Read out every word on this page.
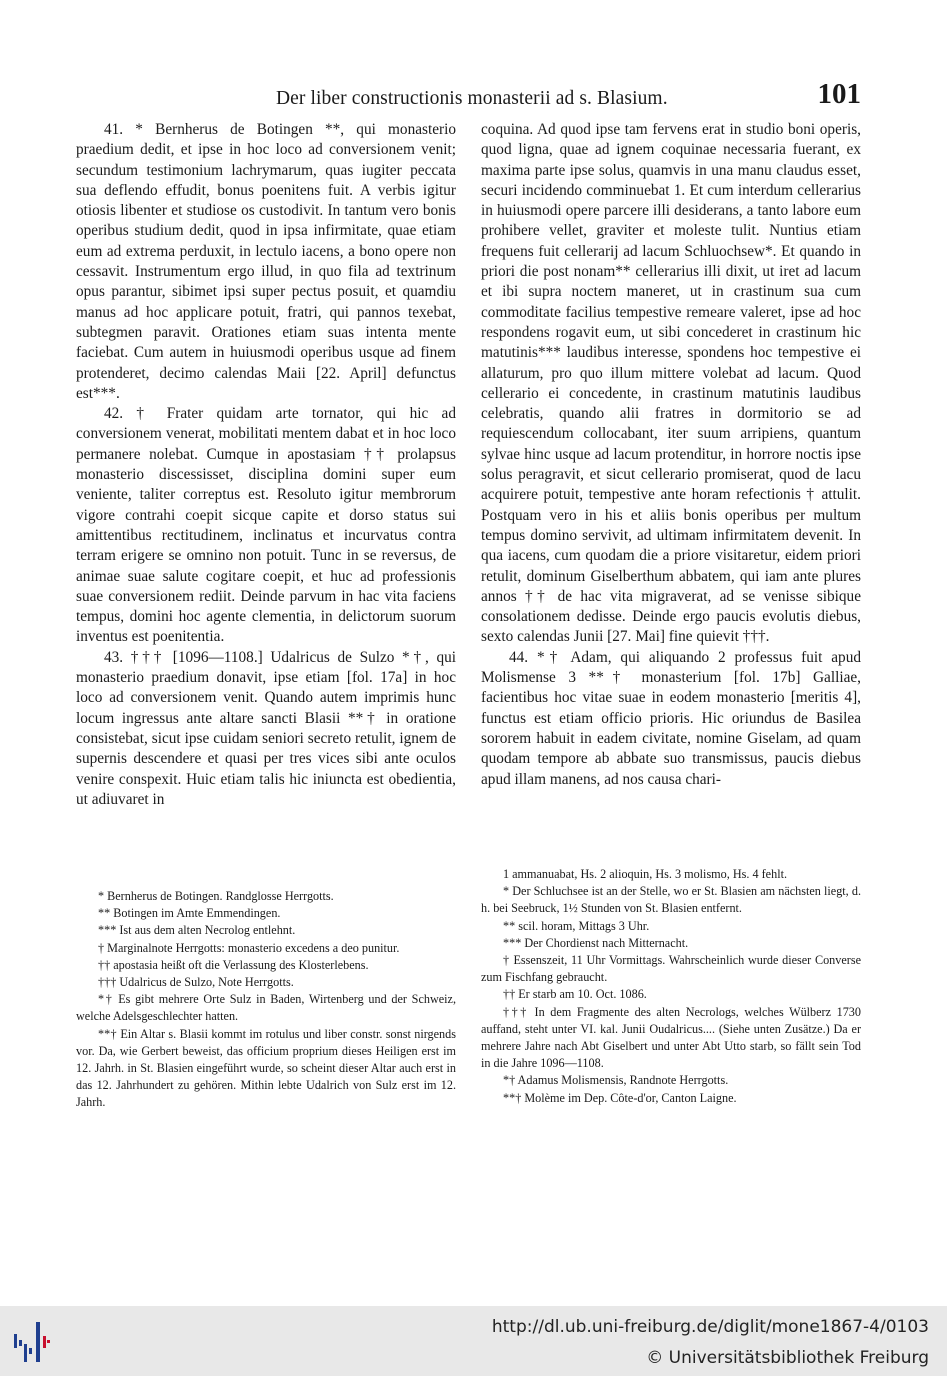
Der liber constructionis monasterii ad s. Blasium.	101

41. * Bernherus de Botingen **, qui monasterio praedium dedit, et ipse in hoc loco ad conversionem venit; secundum testimonium lachrymarum, quas iugiter peccata sua deflendo effudit, bonus poenitens fuit. A verbis igitur otiosis libenter et studiose os custodivit. In tantum vero bonis operibus studium dedit, quod in ipsa infirmitate, quae etiam eum ad extrema perduxit, in lectulo iacens, a bono opere non cessavit. Instrumentum ergo illud, in quo fila ad textrinum opus parantur, sibimet ipsi super pectus posuit, et quamdiu manus ad hoc applicare potuit, fratri, qui pannos texebat, subtegmen paravit. Orationes etiam suas intenta mente faciebat. Cum autem in huiusmodi operibus usque ad finem protenderet, decimo calendas Maii [22. April] defunctus est***.

42. † Frater quidam arte tornator, qui hic ad conversionem venerat, mobilitati mentem dabat et in hoc loco permanere nolebat. Cumque in apostasiam †† prolapsus monasterio discessisset, disciplina domini super eum veniente, taliter correptus est. Resoluto igitur membrorum vigore contrahi coepit sicque capite et dorso status sui amittentibus rectitudinem, inclinatus et incurvatus contra terram erigere se omnino non potuit. Tunc in se reversus, de animae suae salute cogitare coepit, et huc ad professionis suae conversionem rediit. Deinde parvum in hac vita faciens tempus, domini hoc agente clementia, in delictorum suorum inventus est poenitentia.

43. ††† [1096—1108.] Udalricus de Sulzo *†, qui monasterio praedium donavit, ipse etiam [fol. 17a] in hoc loco ad conversionem venit. Quando autem imprimis hunc locum ingressus ante altare sancti Blasii **† in oratione consistebat, sicut ipse cuidam seniori secreto retulit, ignem de supernis descendere et quasi per tres vices sibi ante oculos venire conspexit. Huic etiam talis hic iniuncta est obedientia, ut adiuvaret in

coquina. Ad quod ipse tam fervens erat in studio boni operis, quod ligna, quae ad ignem coquinae necessaria fuerant, ex maxima parte ipse solus, quamvis in una manu claudus esset, securi incidendo comminuebat 1. Et cum interdum cellerarius in huiusmodi opere parcere illi desiderans, a tanto labore eum prohibere vellet, graviter et moleste tulit. Nuntius etiam frequens fuit cellerarij ad lacum Schluochsew*. Et quando in priori die post nonam** cellerarius illi dixit, ut iret ad lacum et ibi supra noctem maneret, ut in crastinum sua cum commoditate facilius tempestive remeare valeret, ipse ad hoc respondens rogavit eum, ut sibi concederet in crastinum hic matutinis*** laudibus interesse, spondens hoc tempestive ei allaturum, pro quo illum mittere volebat ad lacum. Quod cellerario ei concedente, in crastinum matutinis laudibus celebratis, quando alii fratres in dormitorio se ad requiescendum collocabant, iter suum arripiens, quantum sylvae hinc usque ad lacum protenditur, in horrore noctis ipse solus peragravit, et sicut cellerario promiserat, quod de lacu acquirere potuit, tempestive ante horam refectionis † attulit. Postquam vero in his et aliis bonis operibus per multum tempus domino servivit, ad ultimam infirmitatem devenit. In qua iacens, cum quodam die a priore visitaretur, eidem priori retulit, dominum Giselberthum abbatem, qui iam ante plures annos †† de hac vita migraverat, ad se venisse sibique consolationem dedisse. Deinde ergo paucis evolutis diebus, sexto calendas Junii [27. Mai] fine quievit †††.

44. *† Adam, qui aliquando 2 professus fuit apud Molismense 3 **† monasterium [fol. 17b] Galliae, facientibus hoc vitae suae in eodem monasterio [meritis 4], functus est etiam officio prioris. Hic oriundus de Basilea sororem habuit in eadem civitate, nomine Giselam, ad quam quodam tempore ab abbate suo transmissus, paucis diebus apud illam manens, ad nos causa chari-

* Bernherus de Botingen. Randglosse Herrgotts.

** Botingen im Amte Emmendingen.

*** Ist aus dem alten Necrolog entlehnt.

† Marginalnote Herrgotts: monasterio excedens a deo punitur.

†† apostasia heißt oft die Verlassung des Klosterlebens.

††† Udalricus de Sulzo, Note Herrgotts.

*† Es gibt mehrere Orte Sulz in Baden, Wirtenberg und der Schweiz, welche Adelsgeschlechter hatten.

**† Ein Altar s. Blasii kommt im rotulus und liber constr. sonst nirgends vor. Da, wie Gerbert beweist, das officium proprium dieses Heiligen erst im 12. Jahrh. in St. Blasien eingeführt wurde, so scheint dieser Altar auch erst in das 12. Jahrhundert zu gehören. Mithin lebte Udalrich von Sulz erst im 12. Jahrh.

1 ammanuabat, Hs. 2 alioquin, Hs. 3 molismo, Hs. 4 fehlt.

* Der Schluchsee ist an der Stelle, wo er St. Blasien am nächsten liegt, d. h. bei Seebruck, 1½ Stunden von St. Blasien entfernt.

** scil. horam, Mittags 3 Uhr.

*** Der Chordienst nach Mitternacht.

† Essenszeit, 11 Uhr Vormittags. Wahrscheinlich wurde dieser Converse zum Fischfang gebraucht.

†† Er starb am 10. Oct. 1086.

††† In dem Fragmente des alten Necrologs, welches Wülberz 1730 auffand, steht unter VI. kal. Junii Oudalricus.... (Siehe unten Zusätze.) Da er mehrere Jahre nach Abt Giselbert und unter Abt Utto starb, so fällt sein Tod in die Jahre 1096—1108.

*† Adamus Molismensis, Randnote Herrgotts.

**† Molème im Dep. Côte-d'or, Canton Laigne.

http://dl.ub.uni-freiburg.de/diglit/mone1867-4/0103
© Universitätsbibliothek Freiburg
